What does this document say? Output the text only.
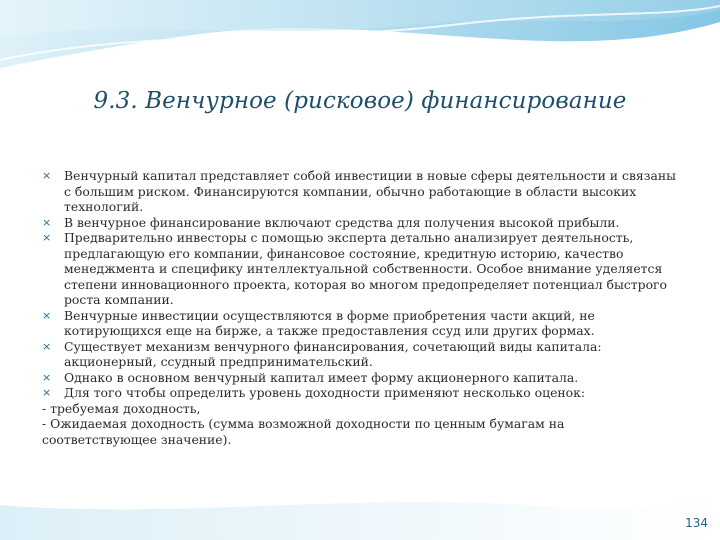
9.3. Венчурное (рисковое) финансирование
× Венчурный капитал представляет собой инвестиции в новые сферы деятельности и связаны с большим риском. Финансируются компании, обычно работающие в области высоких технологий.
× В венчурное финансирование включают средства для получения высокой прибыли.
× Предварительно инвесторы с помощью эксперта детально анализирует деятельность, предлагающую его компании, финансовое состояние, кредитную историю, качество менеджмента и специфику интеллектуальной собственности. Особое внимание уделяется степени инновационного проекта, которая во многом предопределяет потенциал быстрого роста компании.
× Венчурные инвестиции осуществляются в форме приобретения части акций, не котирующихся еще на бирже, а также предоставления ссуд или других формах.
× Существует механизм венчурного финансирования, сочетающий виды капитала: акционерный, ссудный предпринимательский.
× Однако в основном венчурный капитал имеет форму акционерного капитала.
× Для того чтобы определить уровень доходности применяют несколько оценок:
- требуемая доходность,
- Ожидаемая доходность (сумма возможной доходности по ценным бумагам на соответствующее значение).
134
